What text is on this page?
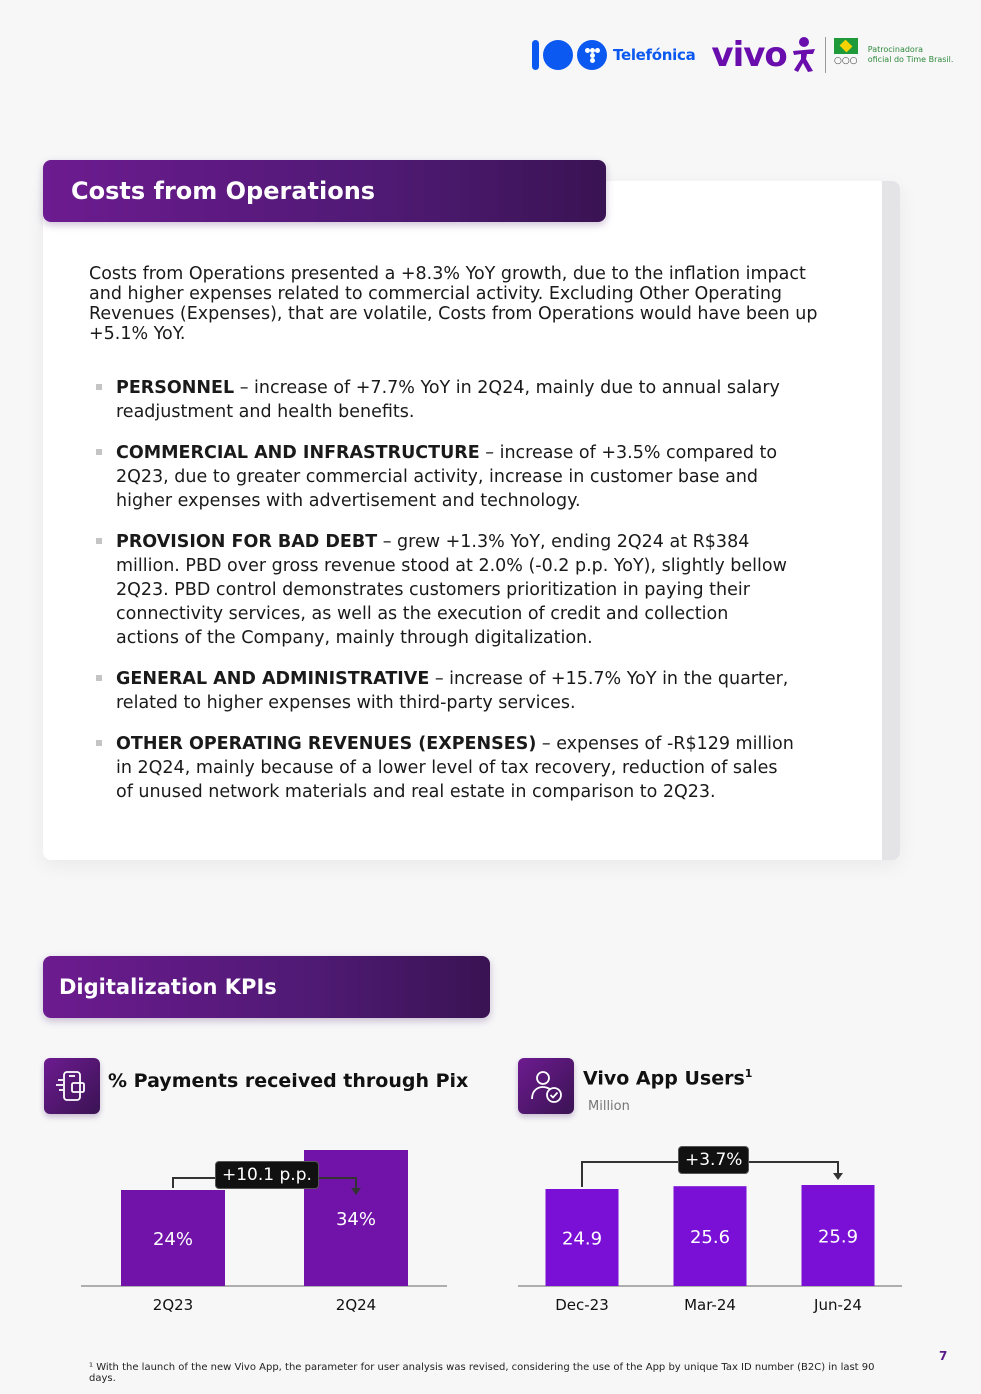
Telefónica vivo	○○○
Patrocinadora
oficial do Time Brasil.
Costs from Operations
Costs from Operations presented a +8.3% YoY growth, due to the inflation impact and higher expenses related to commercial activity. Excluding Other Operating Revenues (Expenses), that are volatile, Costs from Operations would have been up +5.1% YoY.
PERSONNEL – increase of +7.7% YoY in 2Q24, mainly due to annual salary readjustment and health benefits.
COMMERCIAL AND INFRASTRUCTURE – increase of +3.5% compared to 2Q23, due to greater commercial activity, increase in customer base and higher expenses with advertisement and technology.
PROVISION FOR BAD DEBT – grew +1.3% YoY, ending 2Q24 at R$384 million. PBD over gross revenue stood at 2.0% (-0.2 p.p. YoY), slightly bellow 2Q23. PBD control demonstrates customers prioritization in paying their connectivity services, as well as the execution of credit and collection actions of the Company, mainly through digitalization.
GENERAL AND ADMINISTRATIVE – increase of +15.7% YoY in the quarter, related to higher expenses with third-party services.
OTHER OPERATING REVENUES (EXPENSES) – expenses of -R$129 million in 2Q24, mainly because of a lower level of tax recovery, reduction of sales of unused network materials and real estate in comparison to 2Q23.
Digitalization KPIs
% Payments received through Pix	Vivo App Users$^1$
Million
24%
2Q23
34%
2Q24
24.9
Dec-23
25.6
Mar-24
25.9
Jun-24
+10.1 p.p.
+3.7%
¹ With the launch of the new Vivo App, the parameter for user analysis was revised, considering the use of the App by unique Tax ID number (B2C) in last 90 days.
7
